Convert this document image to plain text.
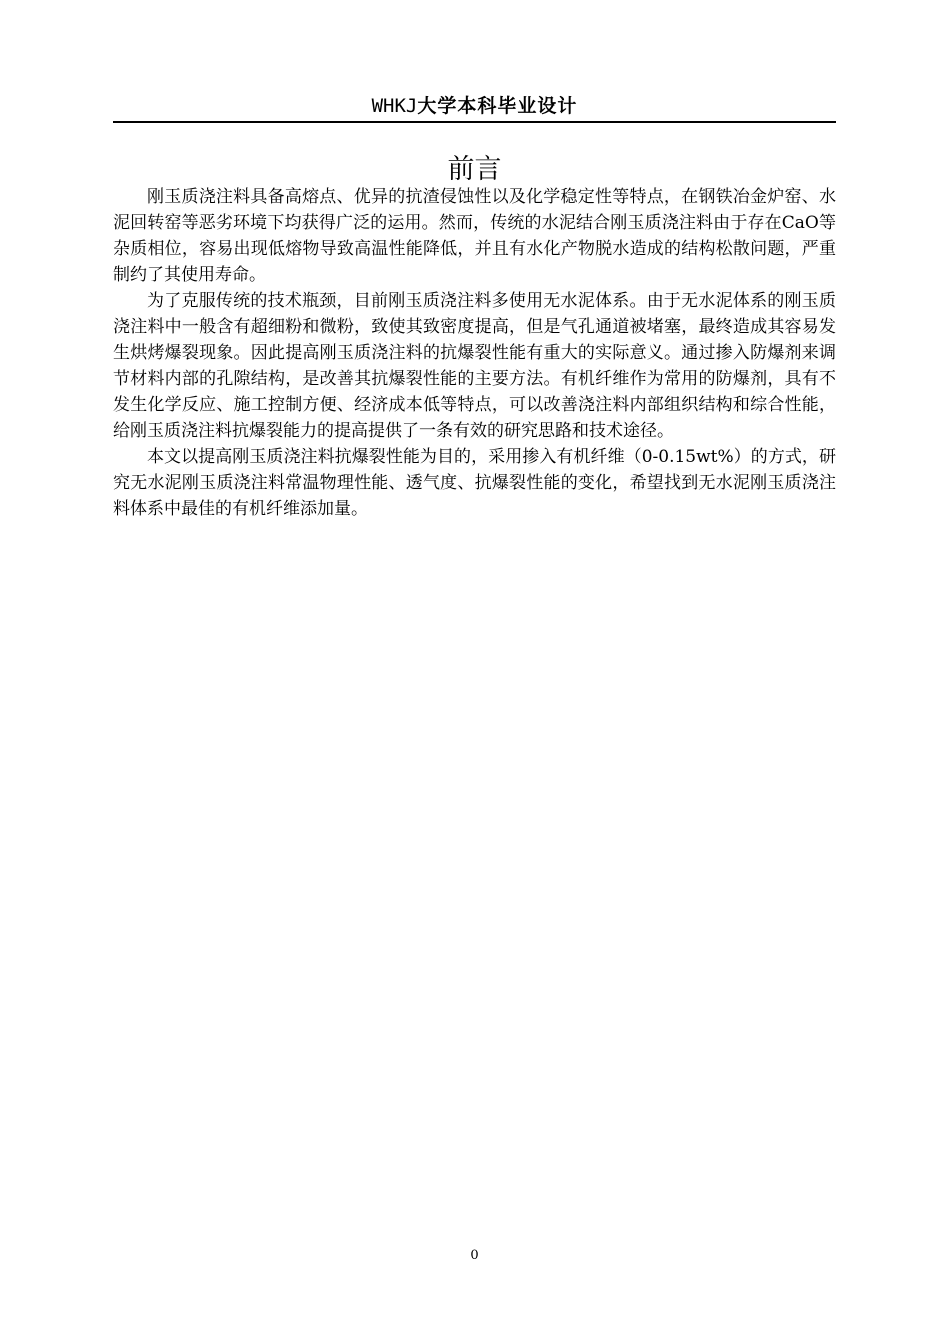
WHKJ大学本科毕业设计
前言

刚玉质浇注料具备高熔点、优异的抗渣侵蚀性以及化学稳定性等特点，在钢铁冶金炉窑、水泥回转窑等恶劣环境下均获得广泛的运用。然而，传统的水泥结合刚玉质浇注料由于存在CaO等杂质相位，容易出现低熔物导致高温性能降低，并且有水化产物脱水造成的结构松散问题，严重制约了其使用寿命。

为了克服传统的技术瓶颈，目前刚玉质浇注料多使用无水泥体系。由于无水泥体系的刚玉质浇注料中一般含有超细粉和微粉，致使其致密度提高，但是气孔通道被堵塞，最终造成其容易发生烘烤爆裂现象。因此提高刚玉质浇注料的抗爆裂性能有重大的实际意义。通过掺入防爆剂来调节材料内部的孔隙结构，是改善其抗爆裂性能的主要方法。有机纤维作为常用的防爆剂，具有不发生化学反应、施工控制方便、经济成本低等特点，可以改善浇注料内部组织结构和综合性能，给刚玉质浇注料抗爆裂能力的提高提供了一条有效的研究思路和技术途径。

本文以提高刚玉质浇注料抗爆裂性能为目的，采用掺入有机纤维（0-0.15wt%）的方式，研究无水泥刚玉质浇注料常温物理性能、透气度、抗爆裂性能的变化，希望找到无水泥刚玉质浇注料体系中最佳的有机纤维添加量。

0
